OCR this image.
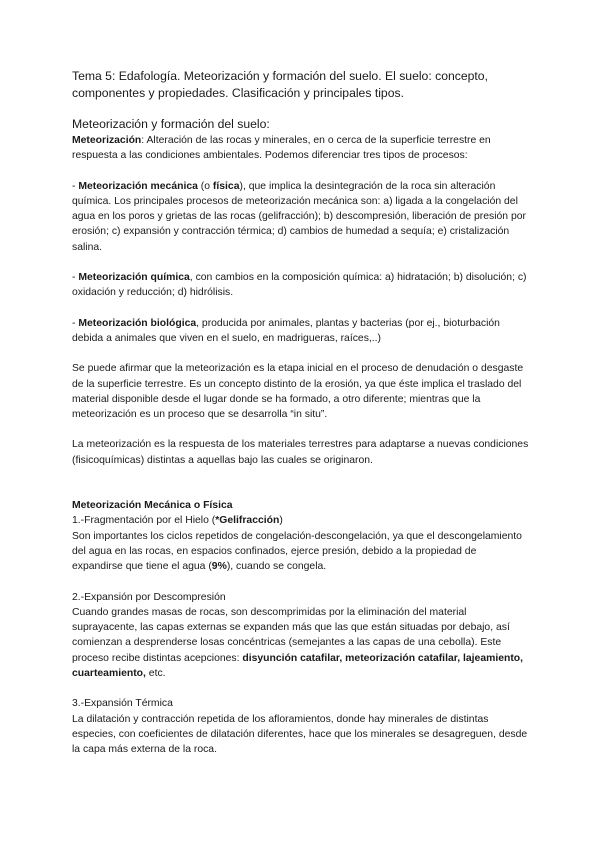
Tema 5: Edafología. Meteorización y formación del suelo. El suelo: concepto, componentes y propiedades. Clasificación y principales tipos.
Meteorización y formación del suelo:

Meteorización: Alteración de las rocas y minerales, en o cerca de la superficie terrestre en respuesta a las condiciones ambientales. Podemos diferenciar tres tipos de procesos:

- Meteorización mecánica (o física), que implica la desintegración de la roca sin alteración química. Los principales procesos de meteorización mecánica son: a) ligada a la congelación del agua en los poros y grietas de las rocas (gelifracción); b) descompresión, liberación de presión por erosión; c) expansión y contracción térmica; d) cambios de humedad a sequía; e) cristalización salina.

- Meteorización química, con cambios en la composición química: a) hidratación; b) disolución; c) oxidación y reducción; d) hidrólisis.

- Meteorización biológica, producida por animales, plantas y bacterias (por ej., bioturbación debida a animales que viven en el suelo, en madrigueras, raíces,..)

Se puede afirmar que la meteorización es la etapa inicial en el proceso de denudación o desgaste de la superficie terrestre. Es un concepto distinto de la erosión, ya que éste implica el traslado del material disponible desde el lugar donde se ha formado, a otro diferente; mientras que la meteorización es un proceso que se desarrolla “in situ”.

La meteorización es la respuesta de los materiales terrestres para adaptarse a nuevas condiciones (fisicoquímicas) distintas a aquellas bajo las cuales se originaron.

Meteorización Mecánica o Física

1.-Fragmentación por el Hielo (*Gelifracción)

Son importantes los ciclos repetidos de congelación-descongelación, ya que el descongelamiento del agua en las rocas, en espacios confinados, ejerce presión, debido a la propiedad de expandirse que tiene el agua (9%), cuando se congela.

2.-Expansión por Descompresión

Cuando grandes masas de rocas, son descomprimidas por la eliminación del material suprayacente, las capas externas se expanden más que las que están situadas por debajo, así comienzan a desprenderse losas concéntricas (semejantes a las capas de una cebolla). Este proceso recibe distintas acepciones: disyunción catafilar, meteorización catafilar, lajeamiento, cuarteamiento, etc.

3.-Expansión Térmica

La dilatación y contracción repetida de los afloramientos, donde hay minerales de distintas especies, con coeficientes de dilatación diferentes, hace que los minerales se desagreguen, desde la capa más externa de la roca.
